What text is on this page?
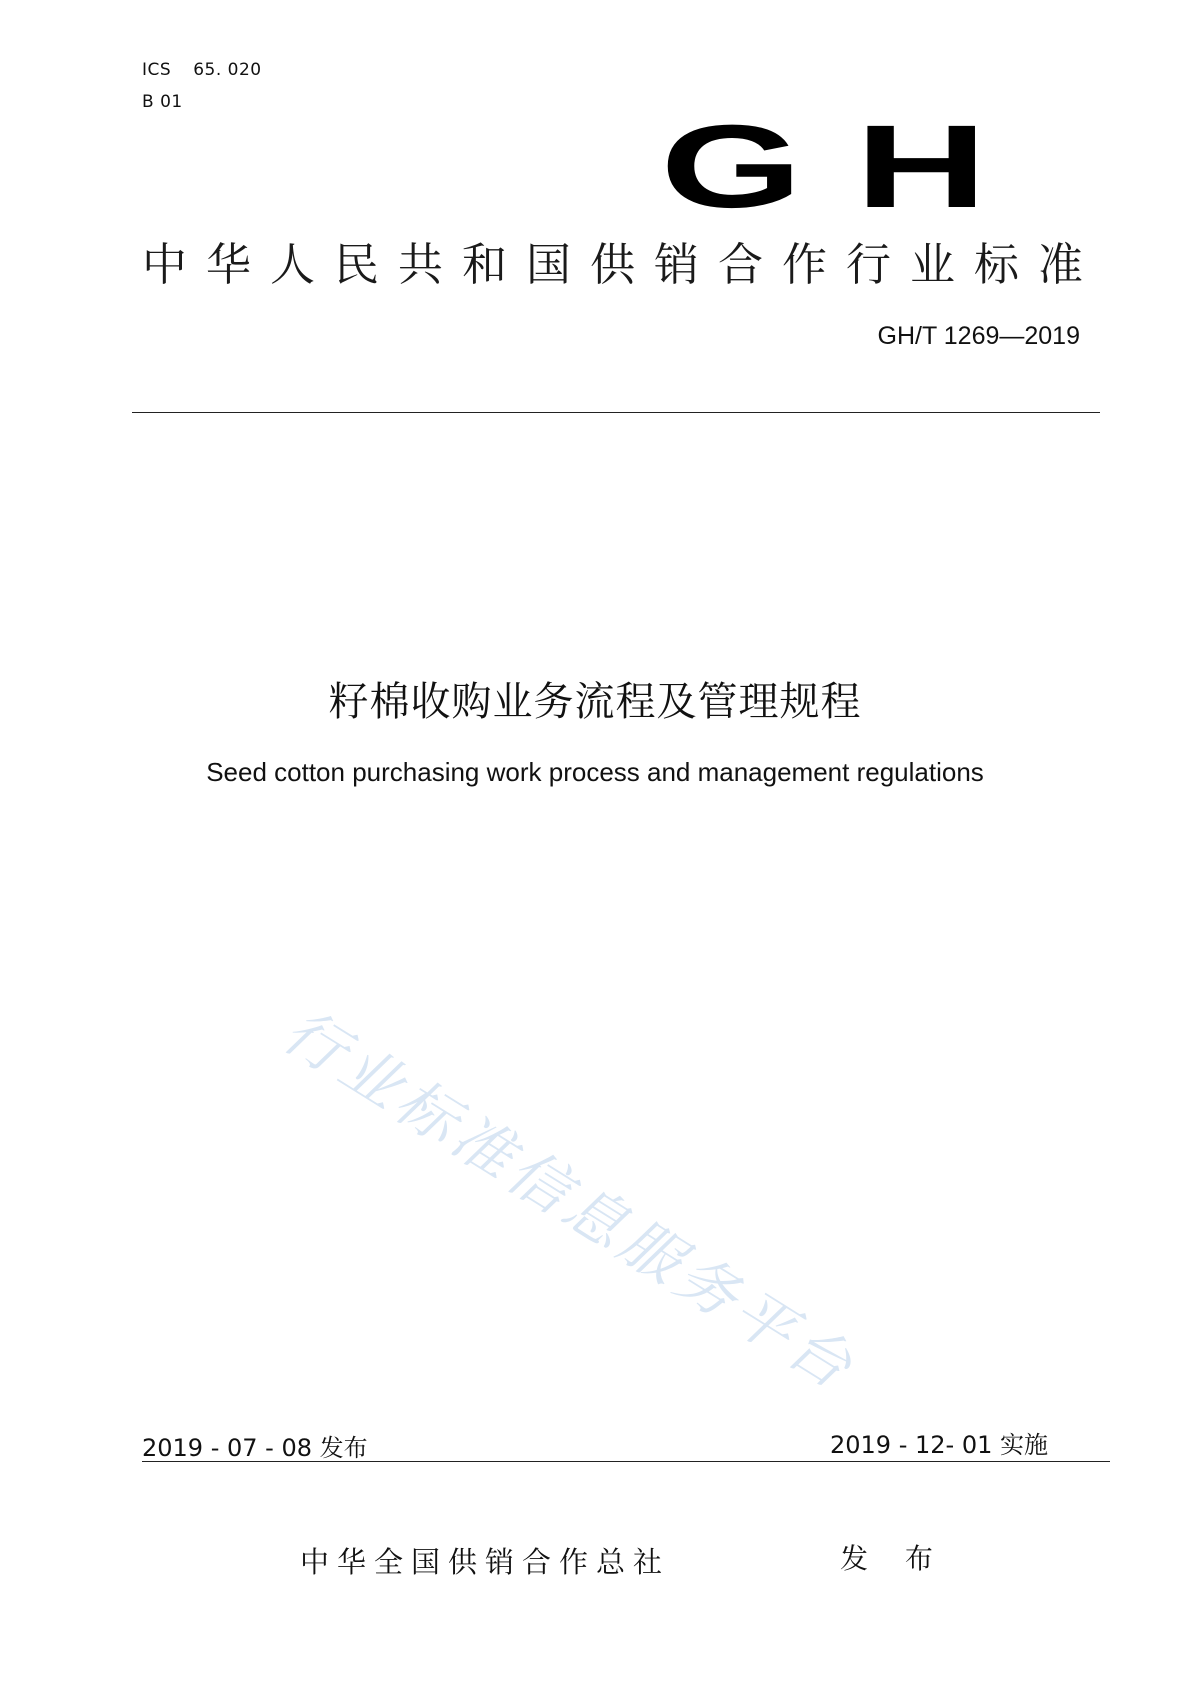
ICS 65. 020
B 01	GH
中华人民共和国供销合作行业标准
GH/T 1269—2019
籽棉收购业务流程及管理规程
Seed cotton purchasing work process and management regulations
行业标准信息服务平台
2019 - 07 - 08 发布	2019 - 12- 01 实施
中华全国供销合作总社	发 布
